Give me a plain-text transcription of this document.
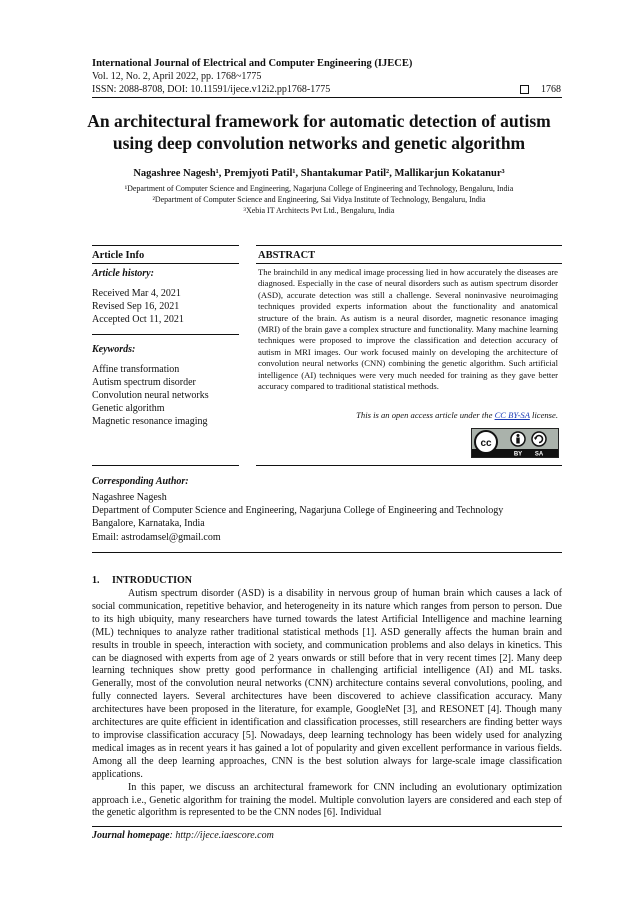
International Journal of Electrical and Computer Engineering (IJECE)
Vol. 12, No. 2, April 2022, pp. 1768~1775
ISSN: 2088-8708, DOI: 10.11591/ijece.v12i2.pp1768-1775	1768
An architectural framework for automatic detection of autism
using deep convolution networks and genetic algorithm
Nagashree Nagesh¹, Premjyoti Patil¹, Shantakumar Patil², Mallikarjun Kokatanur³
¹Department of Computer Science and Engineering, Nagarjuna College of Engineering and Technology, Bengaluru, India
²Department of Computer Science and Engineering, Sai Vidya Institute of Technology, Bengaluru, India
³Xebia IT Architects Pvt Ltd., Bengaluru, India
Article Info	ABSTRACT
Article history:
Received Mar 4, 2021
Revised Sep 16, 2021
Accepted Oct 11, 2021
Keywords:
Affine transformation
Autism spectrum disorder
Convolution neural networks
Genetic algorithm
Magnetic resonance imaging
The brainchild in any medical image processing lied in how accurately the diseases are diagnosed. Especially in the case of neural disorders such as autism spectrum disorder (ASD), accurate detection was still a challenge. Several noninvasive neuroimaging techniques provided experts information about the functionality and anatomical structure of the brain. As autism is a neural disorder, magnetic resonance imaging (MRI) of the brain gave a complex structure and functionality. Many machine learning techniques were proposed to improve the classification and detection accuracy of autism in MRI images. Our work focused mainly on developing the architecture of convolution neural networks (CNN) combining the genetic algorithm. Such artificial intelligence (AI) techniques were very much needed for training as they gave better accuracy compared to traditional statistical methods.
This is an open access article under the CC BY-SA license.
cc
BY SA
Corresponding Author:
Nagashree Nagesh
Department of Computer Science and Engineering, Nagarjuna College of Engineering and Technology
Bangalore, Karnataka, India
Email: astrodamsel@gmail.com
1.     INTRODUCTION

Autism spectrum disorder (ASD) is a disability in nervous group of human brain which causes a lack of social communication, repetitive behavior, and heterogeneity in its nature which ranges from person to person. Due to its high ubiquity, many researchers have turned towards the latest Artificial Intelligence and machine learning (ML) techniques to analyze rather traditional statistical methods [1]. ASD generally affects the human brain and results in trouble in speech, interaction with society, and communication problems and also delays in kinetics. This can be diagnosed with experts from age of 2 years onwards or still before that in very recent times [2]. Many deep learning techniques show pretty good performance in challenging artificial intelligence (AI) and ML tasks. Generally, most of the convolution neural networks (CNN) architecture contains several convolutions, pooling, and fully connected layers. Several architectures have been discovered to achieve classification accuracy. Many architectures have been proposed in the literature, for example, GoogleNet [3], and RESONET [4]. Though many architectures are quite efficient in identification and classification processes, still researchers are finding better ways to improvise classification accuracy [5]. Nowadays, deep learning technology has been widely used for analyzing medical images as in recent years it has gained a lot of popularity and given excellent performance in various fields. Among all the deep learning approaches, CNN is the best solution always for large-scale image classification applications.

In this paper, we discuss an architectural framework for CNN including an evolutionary optimization approach i.e., Genetic algorithm for training the model. Multiple convolution layers are considered and each step of the genetic algorithm is represented to be the CNN nodes [6]. Individual

Journal homepage: http://ijece.iaescore.com
